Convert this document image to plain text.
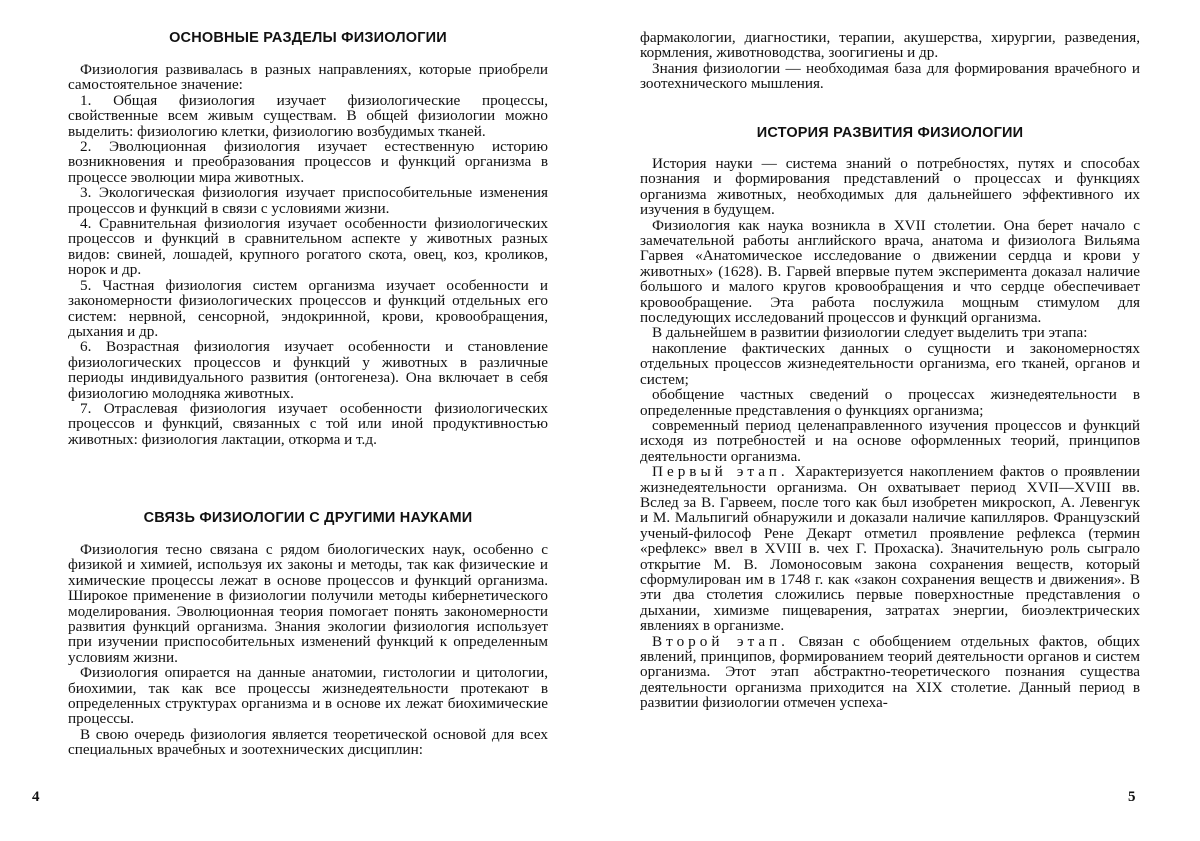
ОСНОВНЫЕ РАЗДЕЛЫ ФИЗИОЛОГИИ

Физиология развивалась в разных направлениях, которые приобрели самостоятельное значение:

1. Общая физиология изучает физиологические процессы, свойственные всем живым существам. В общей физиологии можно выделить: физиологию клетки, физиологию возбудимых тканей.

2. Эволюционная физиология изучает естественную историю возникновения и преобразования процессов и функций организма в процессе эволюции мира животных.

3. Экологическая физиология изучает приспособительные изменения процессов и функций в связи с условиями жизни.

4. Сравнительная физиология изучает особенности физиологических процессов и функций в сравнительном аспекте у животных разных видов: свиней, лошадей, крупного рогатого скота, овец, коз, кроликов, норок и др.

5. Частная физиология систем организма изучает особенности и закономерности физиологических процессов и функций отдельных его систем: нервной, сенсорной, эндокринной, крови, кровообращения, дыхания и др.

6. Возрастная физиология изучает особенности и становление физиологических процессов и функций у животных в различные периоды индивидуального развития (онтогенеза). Она включает в себя физиологию молодняка животных.

7. Отраслевая физиология изучает особенности физиологических процессов и функций, связанных с той или иной продуктивностью животных: физиология лактации, откорма и т.д.

СВЯЗЬ ФИЗИОЛОГИИ С ДРУГИМИ НАУКАМИ

Физиология тесно связана с рядом биологических наук, особенно с физикой и химией, используя их законы и методы, так как физические и химические процессы лежат в основе процессов и функций организма. Широкое применение в физиологии получили методы кибернетического моделирования. Эволюционная теория помогает понять закономерности развития функций организма. Знания экологии физиология использует при изучении приспособительных изменений функций к определенным условиям жизни.

Физиология опирается на данные анатомии, гистологии и цитологии, биохимии, так как все процессы жизнедеятельности протекают в определенных структурах организма и в основе их лежат биохимические процессы.

В свою очередь физиология является теоретической основой для всех специальных врачебных и зоотехнических дисциплин:

4

фармакологии, диагностики, терапии, акушерства, хирургии, разведения, кормления, животноводства, зоогигиены и др.

Знания физиологии — необходимая база для формирования врачебного и зоотехнического мышления.

ИСТОРИЯ РАЗВИТИЯ ФИЗИОЛОГИИ

История науки — система знаний о потребностях, путях и способах познания и формирования представлений о процессах и функциях организма животных, необходимых для дальнейшего эффективного их изучения в будущем.

Физиология как наука возникла в XVII столетии. Она берет начало с замечательной работы английского врача, анатома и физиолога Вильяма Гарвея «Анатомическое исследование о движении сердца и крови у животных» (1628). В. Гарвей впервые путем эксперимента доказал наличие большого и малого кругов кровообращения и что сердце обеспечивает кровообращение. Эта работа послужила мощным стимулом для последующих исследований процессов и функций организма.

В дальнейшем в развитии физиологии следует выделить три этапа:

накопление фактических данных о сущности и закономерностях отдельных процессов жизнедеятельности организма, его тканей, органов и систем;

обобщение частных сведений о процессах жизнедеятельности в определенные представления о функциях организма;

современный период целенаправленного изучения процессов и функций исходя из потребностей и на основе оформленных теорий, принципов деятельности организма.

Первый этап. Характеризуется накоплением фактов о проявлении жизнедеятельности организма. Он охватывает период XVII—XVIII вв. Вслед за В. Гарвеем, после того как был изобретен микроскоп, А. Левенгук и М. Мальпигий обнаружили и доказали наличие капилляров. Французский ученый-философ Рене Декарт отметил проявление рефлекса (термин «рефлекс» ввел в XVIII в. чех Г. Прохаска). Значительную роль сыграло открытие М. В. Ломоносовым закона сохранения веществ, который сформулирован им в 1748 г. как «закон сохранения веществ и движения». В эти два столетия сложились первые поверхностные представления о дыхании, химизме пищеварения, затратах энергии, биоэлектрических явлениях в организме.

Второй этап. Связан с обобщением отдельных фактов, общих явлений, принципов, формированием теорий деятельности органов и систем организма. Этот этап абстрактно-теоретического познания существа деятельности организма приходится на XIX столетие. Данный период в развитии физиологии отмечен успеха-

5
